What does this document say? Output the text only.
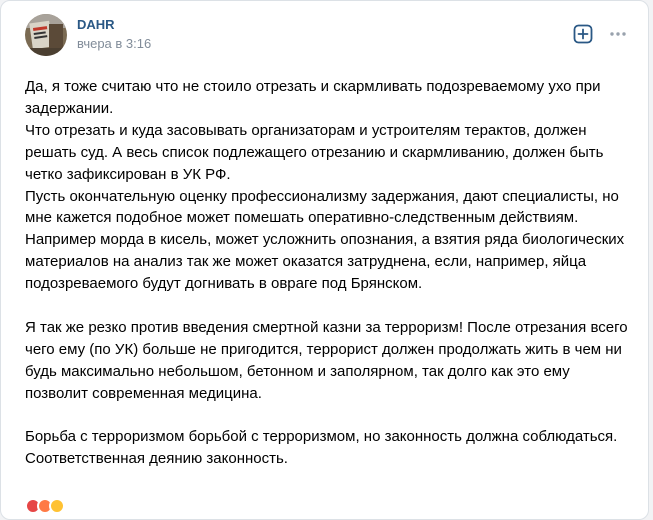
DAHR
вчера в 3:16

Да, я тоже считаю что не стоило отрезать и скармливать подозреваемому ухо при задержании.
Что отрезать и куда засовывать организаторам и устроителям терактов, должен решать суд. А весь список подлежащего отрезанию и скармливанию, должен быть четко зафиксирован в УК РФ.
Пусть окончательную оценку профессионализму задержания, дают специалисты, но мне кажется подобное может помешать оперативно-следственным действиям. Например морда в кисель, может усложнить опознания, а взятия ряда биологических материалов на анализ так же может оказатся затруднена, если, например, яйца подозреваемого будут догнивать в овраге под Брянском.

Я так же резко против введения смертной казни за терроризм! После отрезания всего чего ему (по УК) больше не пригодится, террорист должен продолжать жить в чем ни будь максимально небольшом, бетонном и заполярном, так долго как это ему позволит современная медицина.

Борьба с терроризмом борьбой с терроризмом, но законность должна соблюдаться. Соответственная деянию законность.
